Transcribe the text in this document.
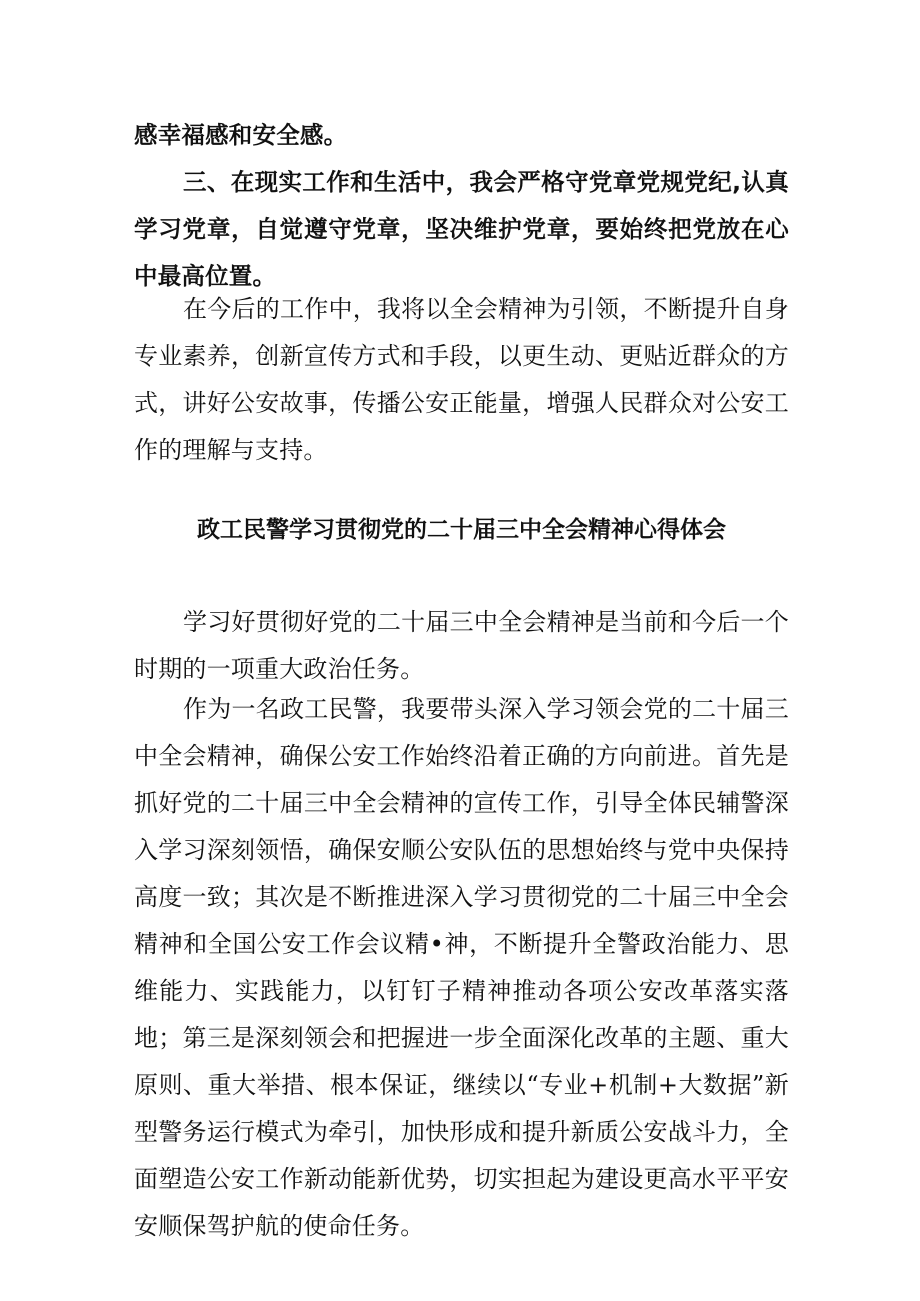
感幸福感和安全感。

三、在现实工作和生活中，我会严格守党章党规党纪,认真学习党章，自觉遵守党章，坚决维护党章，要始终把党放在心中最高位置。

在今后的工作中，我将以全会精神为引领，不断提升自身专业素养，创新宣传方式和手段，以更生动、更贴近群众的方式，讲好公安故事，传播公安正能量，增强人民群众对公安工作的理解与支持。

政工民警学习贯彻党的二十届三中全会精神心得体会

学习好贯彻好党的二十届三中全会精神是当前和今后一个时期的一项重大政治任务。

作为一名政工民警，我要带头深入学习领会党的二十届三中全会精神，确保公安工作始终沿着正确的方向前进。首先是抓好党的二十届三中全会精神的宣传工作，引导全体民辅警深入学习深刻领悟，确保安顺公安队伍的思想始终与党中央保持高度一致；其次是不断推进深入学习贯彻党的二十届三中全会精神和全国公安工作会议精•神，不断提升全警政治能力、思维能力、实践能力，以钉钉子精神推动各项公安改革落实落地；第三是深刻领会和把握进一步全面深化改革的主题、重大原则、重大举措、根本保证，继续以“专业+机制+大数据”新型警务运行模式为牵引，加快形成和提升新质公安战斗力，全面塑造公安工作新动能新优势，切实担起为建设更高水平平安安顺保驾护航的使命任务。
